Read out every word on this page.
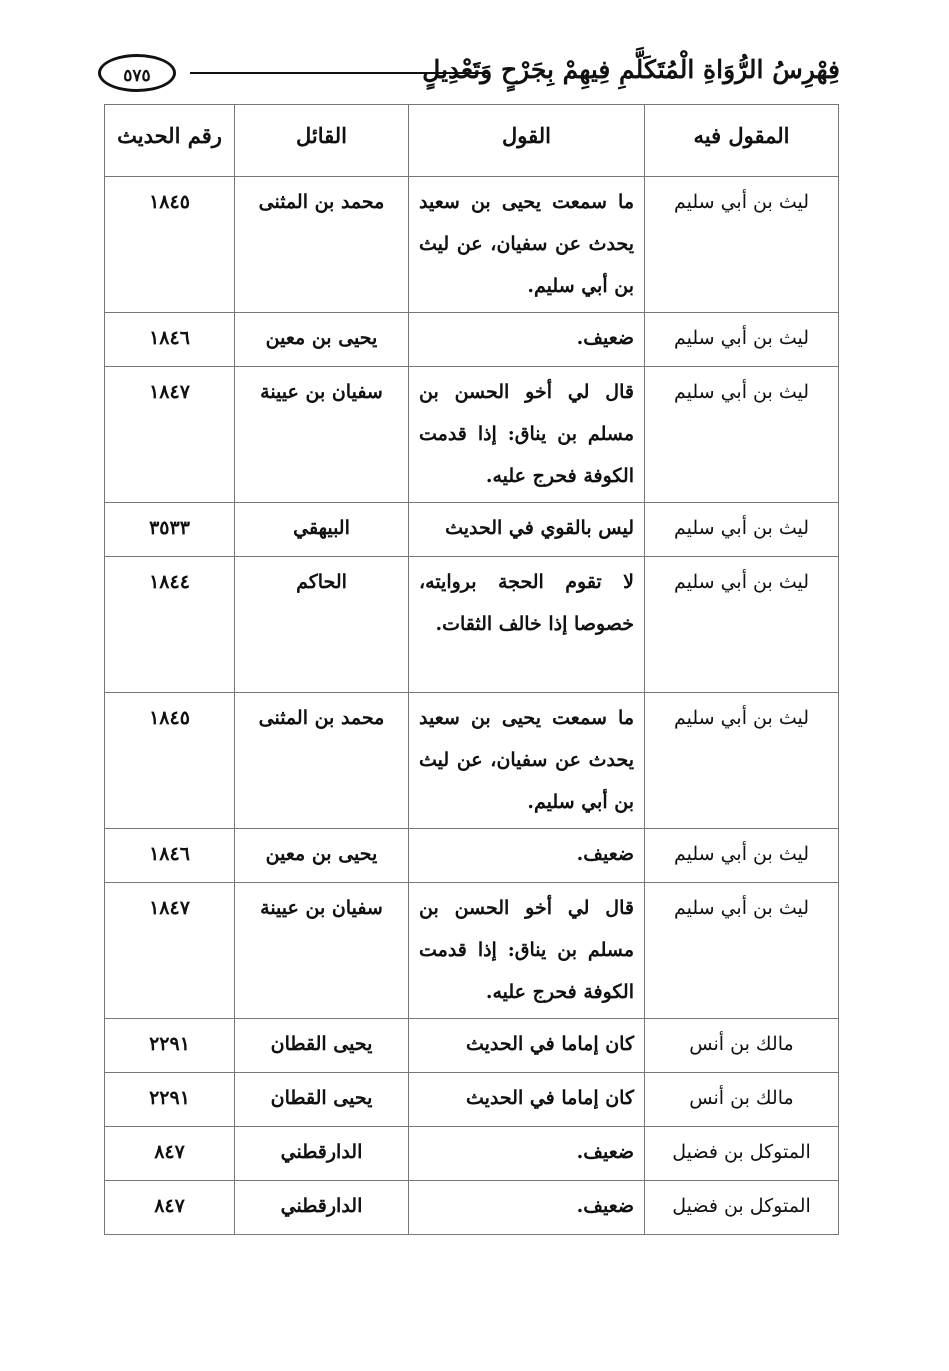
فِهْرِسُ الرُّوَاةِ الْمُتَكَلَّمِ فِيهِمْ بِجَرْحٍ وَتَعْدِيلٍ
٥٧٥
المقول فيه	القول	القائل	رقم الحديث
ليث بن أبي سليم	ما سمعت يحيى بن سعيد يحدث عن سفيان، عن ليث بن أبي سليم.	محمد بن المثنى	١٨٤٥
ليث بن أبي سليم	ضعيف.	يحيى بن معين	١٨٤٦
ليث بن أبي سليم	قال لي أخو الحسن بن مسلم بن يناق: إذا قدمت الكوفة فحرج عليه.	سفيان بن عيينة	١٨٤٧
ليث بن أبي سليم	ليس بالقوي في الحديث	البيهقي	٣٥٣٣
ليث بن أبي سليم	لا تقوم الحجة بروايته، خصوصا إذا خالف الثقات.	الحاكم	١٨٤٤
ليث بن أبي سليم	ما سمعت يحيى بن سعيد يحدث عن سفيان، عن ليث بن أبي سليم.	محمد بن المثنى	١٨٤٥
ليث بن أبي سليم	ضعيف.	يحيى بن معين	١٨٤٦
ليث بن أبي سليم	قال لي أخو الحسن بن مسلم بن يناق: إذا قدمت الكوفة فحرج عليه.	سفيان بن عيينة	١٨٤٧
مالك بن أنس	كان إماما في الحديث	يحيى القطان	٢٢٩١
مالك بن أنس	كان إماما في الحديث	يحيى القطان	٢٢٩١
المتوكل بن فضيل	ضعيف.	الدارقطني	٨٤٧
المتوكل بن فضيل	ضعيف.	الدارقطني	٨٤٧
